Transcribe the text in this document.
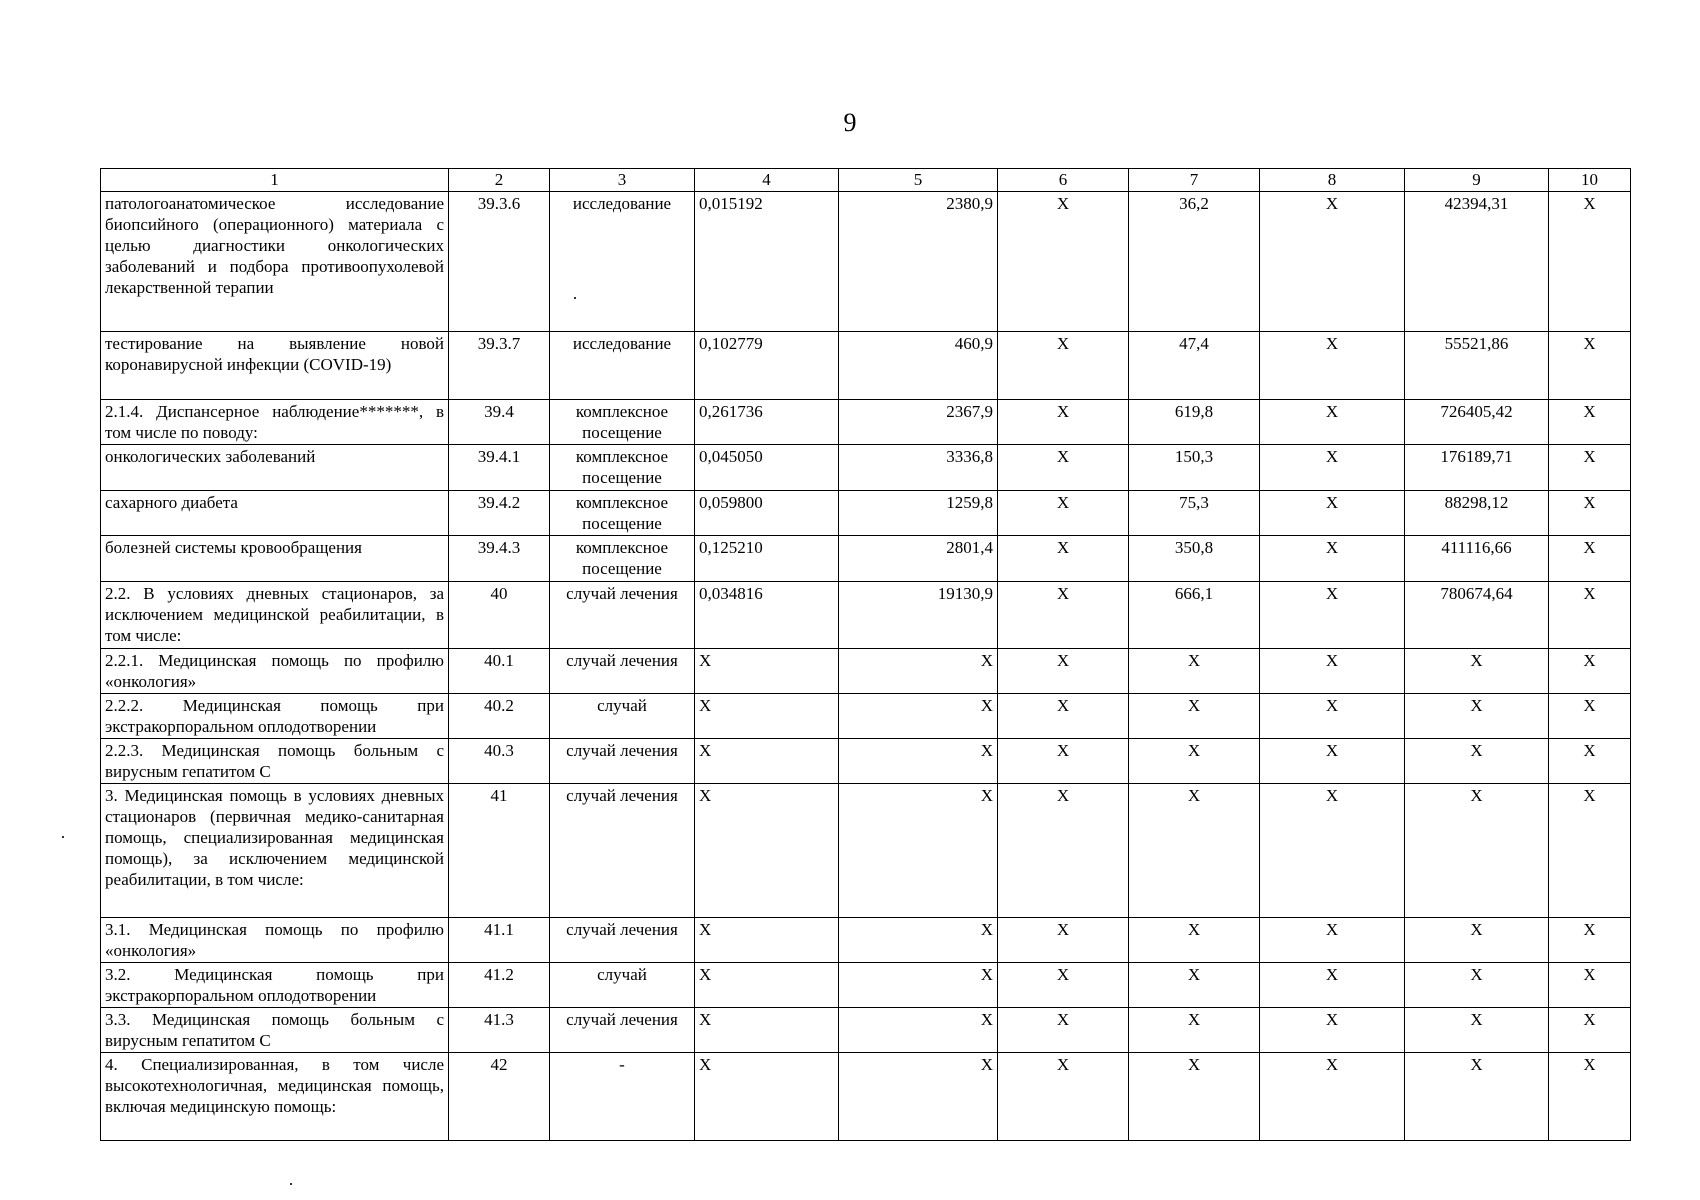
9
1	2	3	4	5	6	7	8	9	10
патологоанатомическое исследование биопсийного (операционного) материала с целью диагностики онкологических заболеваний и подбора противоопухолевой лекарственной терапии	39.3.6	исследование	0,015192	2380,9	Х	36,2	Х	42394,31	Х
тестирование на выявление новой коронавирусной инфекции (COVID-19)	39.3.7	исследование	0,102779	460,9	Х	47,4	Х	55521,86	Х
2.1.4. Диспансерное наблюдение*******, в том числе по поводу:	39.4	комплексное посещение	0,261736	2367,9	Х	619,8	Х	726405,42	Х
онкологических заболеваний	39.4.1	комплексное посещение	0,045050	3336,8	Х	150,3	Х	176189,71	Х
сахарного диабета	39.4.2	комплексное посещение	0,059800	1259,8	Х	75,3	Х	88298,12	Х
болезней системы кровообращения	39.4.3	комплексное посещение	0,125210	2801,4	Х	350,8	Х	411116,66	Х
2.2. В условиях дневных стационаров, за исключением медицинской реабилитации, в том числе:	40	случай лечения	0,034816	19130,9	Х	666,1	Х	780674,64	Х
2.2.1. Медицинская помощь по профилю «онкология»	40.1	случай лечения	Х	Х	Х	Х	Х	Х	Х
2.2.2. Медицинская помощь при экстракорпоральном оплодотворении	40.2	случай	Х	Х	Х	Х	Х	Х	Х
2.2.3. Медицинская помощь больным с вирусным гепатитом С	40.3	случай лечения	Х	Х	Х	Х	Х	Х	Х
3. Медицинская помощь в условиях дневных стационаров (первичная медико-санитарная помощь, специализированная медицинская помощь), за исключением медицинской реабилитации, в том числе:	41	случай лечения	Х	Х	Х	Х	Х	Х	Х
3.1. Медицинская помощь по профилю «онкология»	41.1	случай лечения	Х	Х	Х	Х	Х	Х	Х
3.2. Медицинская помощь при экстракорпоральном оплодотворении	41.2	случай	Х	Х	Х	Х	Х	Х	Х
3.3. Медицинская помощь больным с вирусным гепатитом С	41.3	случай лечения	Х	Х	Х	Х	Х	Х	Х
4. Специализированная, в том числе высокотехнологичная, медицинская помощь, включая медицинскую помощь:	42	-	Х	Х	Х	Х	Х	Х	Х
